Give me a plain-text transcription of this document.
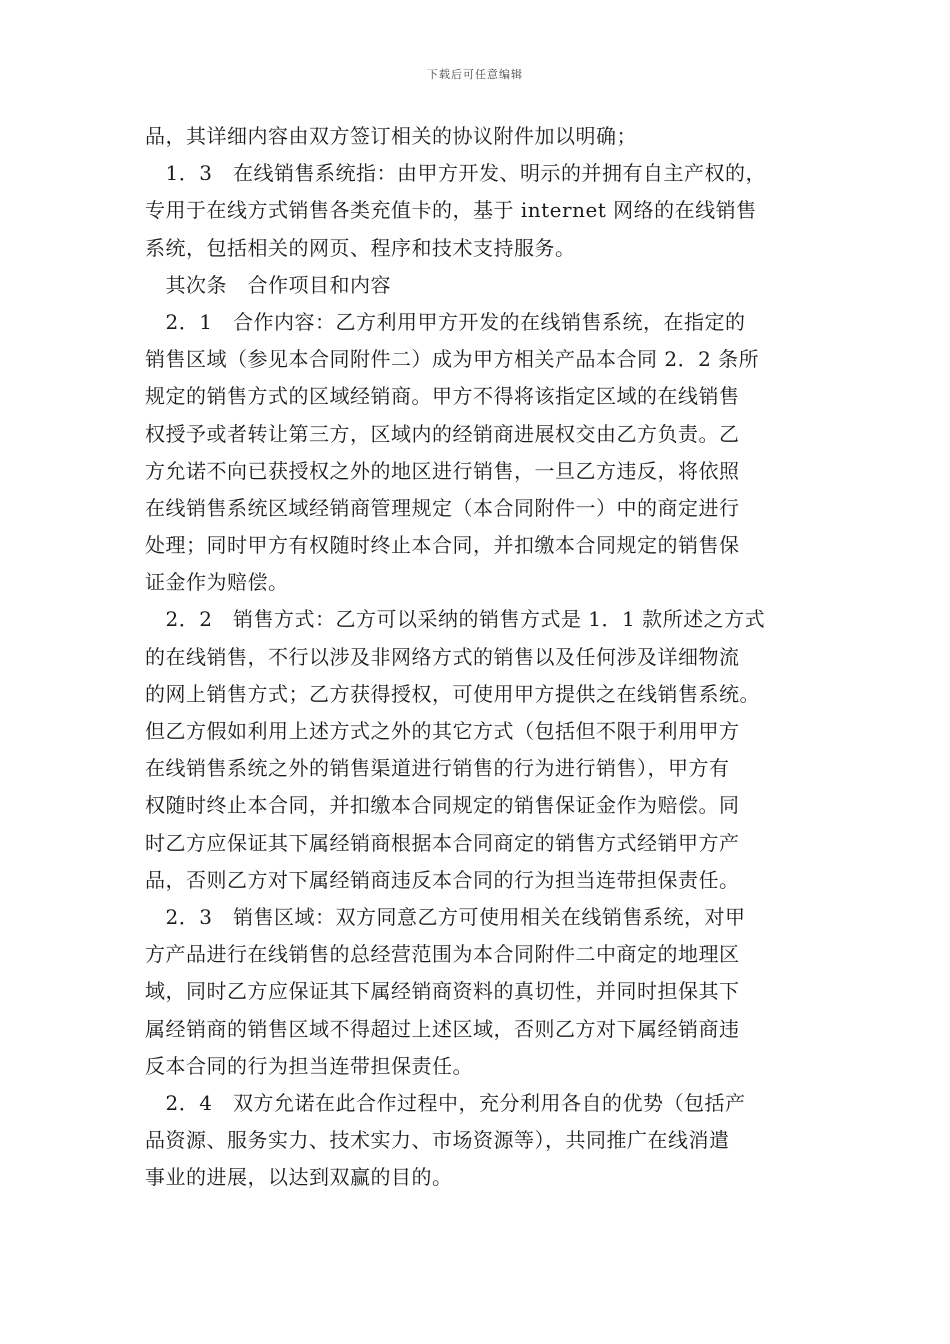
下载后可任意编辑
品，其详细内容由双方签订相关的协议附件加以明确；
　1．3　在线销售系统指：由甲方开发、明示的并拥有自主产权的，
专用于在线方式销售各类充值卡的，基于 internet 网络的在线销售
系统，包括相关的网页、程序和技术支持服务。
　其次条　合作项目和内容
　2．1　合作内容：乙方利用甲方开发的在线销售系统，在指定的
销售区域（参见本合同附件二）成为甲方相关产品本合同 2．2 条所
规定的销售方式的区域经销商。甲方不得将该指定区域的在线销售
权授予或者转让第三方，区域内的经销商进展权交由乙方负责。乙
方允诺不向已获授权之外的地区进行销售，一旦乙方违反，将依照
在线销售系统区域经销商管理规定（本合同附件一）中的商定进行
处理；同时甲方有权随时终止本合同，并扣缴本合同规定的销售保
证金作为赔偿。
　2．2　销售方式：乙方可以采纳的销售方式是 1．1 款所述之方式
的在线销售，不行以涉及非网络方式的销售以及任何涉及详细物流
的网上销售方式；乙方获得授权，可使用甲方提供之在线销售系统。
但乙方假如利用上述方式之外的其它方式（包括但不限于利用甲方
在线销售系统之外的销售渠道进行销售的行为进行销售），甲方有
权随时终止本合同，并扣缴本合同规定的销售保证金作为赔偿。同
时乙方应保证其下属经销商根据本合同商定的销售方式经销甲方产
品，否则乙方对下属经销商违反本合同的行为担当连带担保责任。
　2．3　销售区域：双方同意乙方可使用相关在线销售系统，对甲
方产品进行在线销售的总经营范围为本合同附件二中商定的地理区
域，同时乙方应保证其下属经销商资料的真切性，并同时担保其下
属经销商的销售区域不得超过上述区域，否则乙方对下属经销商违
反本合同的行为担当连带担保责任。
　2．4　双方允诺在此合作过程中，充分利用各自的优势（包括产
品资源、服务实力、技术实力、市场资源等），共同推广在线消遣
事业的进展，以达到双赢的目的。
